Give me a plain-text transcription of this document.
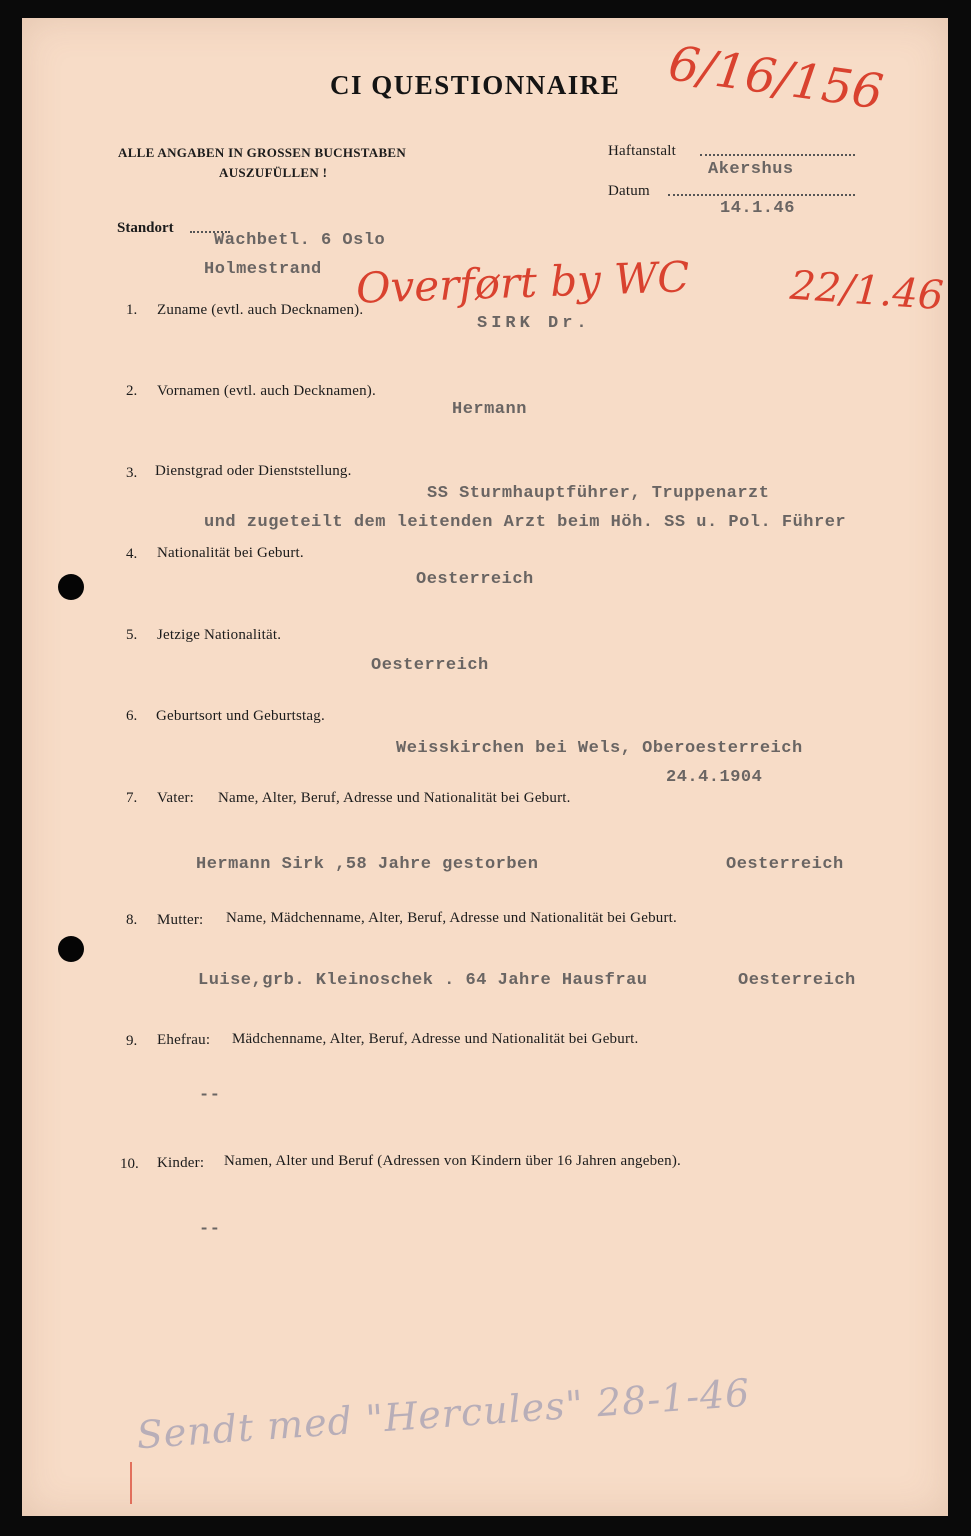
CI QUESTIONNAIRE 6/16/156
ALLE ANGABEN IN GROSSEN BUCHSTABEN
AUSZUFÜLLEN !
Haftanstalt
Akershus
Datum
14.1.46
Standort
Wachbetl. 6 Oslo
Holmestrand Overført by WC 22/1.46
1. Zuname (evtl. auch Decknamen).
SIRK Dr.
2. Vornamen (evtl. auch Decknamen).
Hermann
3. Dienstgrad oder Dienststellung.
SS Sturmhauptführer, Truppenarzt
und zugeteilt dem leitenden Arzt beim Höh. SS u. Pol. Führer
4. Nationalität bei Geburt.
Oesterreich
5. Jetzige Nationalität.
Oesterreich
6. Geburtsort und Geburtstag.
Weisskirchen bei Wels, Oberoesterreich
24.4.1904
7. Vater: Name, Alter, Beruf, Adresse und Nationalität bei Geburt.
Hermann Sirk ,58 Jahre gestorben	Oesterreich
8. Mutter: Name, Mädchenname, Alter, Beruf, Adresse und Nationalität bei Geburt.
Luise,grb. Kleinoschek . 64 Jahre Hausfrau	Oesterreich
9. Ehefrau: Mädchenname, Alter, Beruf, Adresse und Nationalität bei Geburt.
--
10. Kinder: Namen, Alter und Beruf (Adressen von Kindern über 16 Jahren angeben).
--
Sendt med "Hercules" 28-1-46
